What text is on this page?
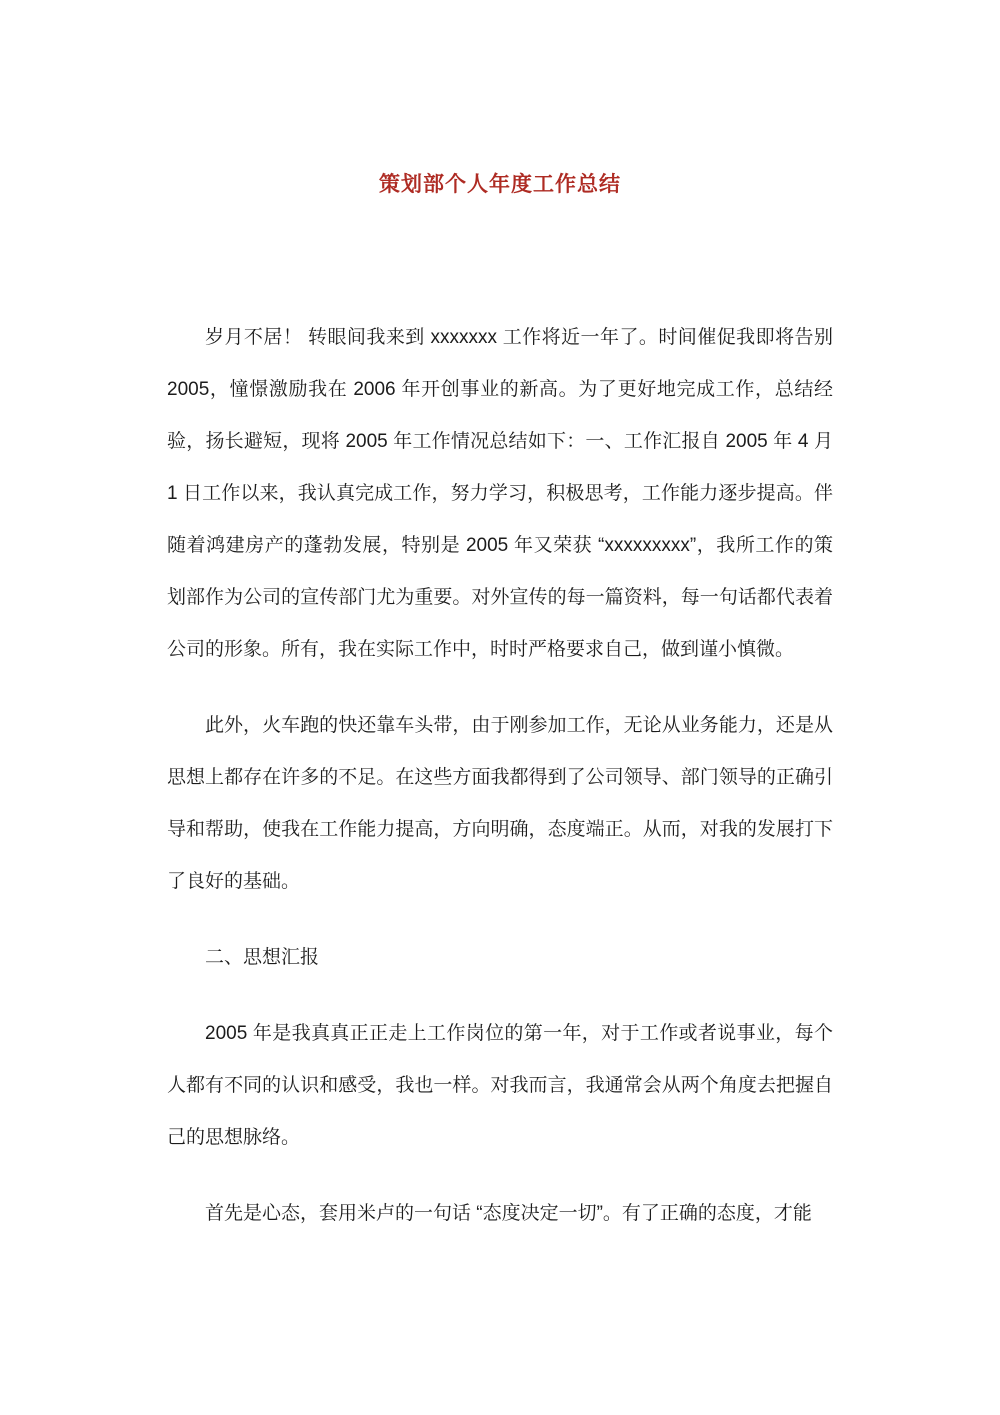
策划部个人年度工作总结

岁月不居！ 转眼间我来到 xxxxxxx 工作将近一年了。时间催促我即将告别 2005，憧憬激励我在 2006 年开创事业的新高。为了更好地完成工作，总结经验，扬长避短，现将 2005 年工作情况总结如下：一、工作汇报自 2005 年 4 月 1 日工作以来，我认真完成工作，努力学习，积极思考，工作能力逐步提高。伴随着鸿建房产的蓬勃发展，特别是 2005 年又荣获 “xxxxxxxxx”，我所工作的策划部作为公司的宣传部门尤为重要。对外宣传的每一篇资料，每一句话都代表着公司的形象。所有，我在实际工作中，时时严格要求自己，做到谨小慎微。

此外，火车跑的快还靠车头带，由于刚参加工作，无论从业务能力，还是从思想上都存在许多的不足。在这些方面我都得到了公司领导、部门领导的正确引导和帮助，使我在工作能力提高，方向明确，态度端正。从而，对我的发展打下了良好的基础。

二、思想汇报

2005 年是我真真正正走上工作岗位的第一年，对于工作或者说事业，每个人都有不同的认识和感受，我也一样。对我而言，我通常会从两个角度去把握自己的思想脉络。

首先是心态，套用米卢的一句话 “态度决定一切”。有了正确的态度，才能
